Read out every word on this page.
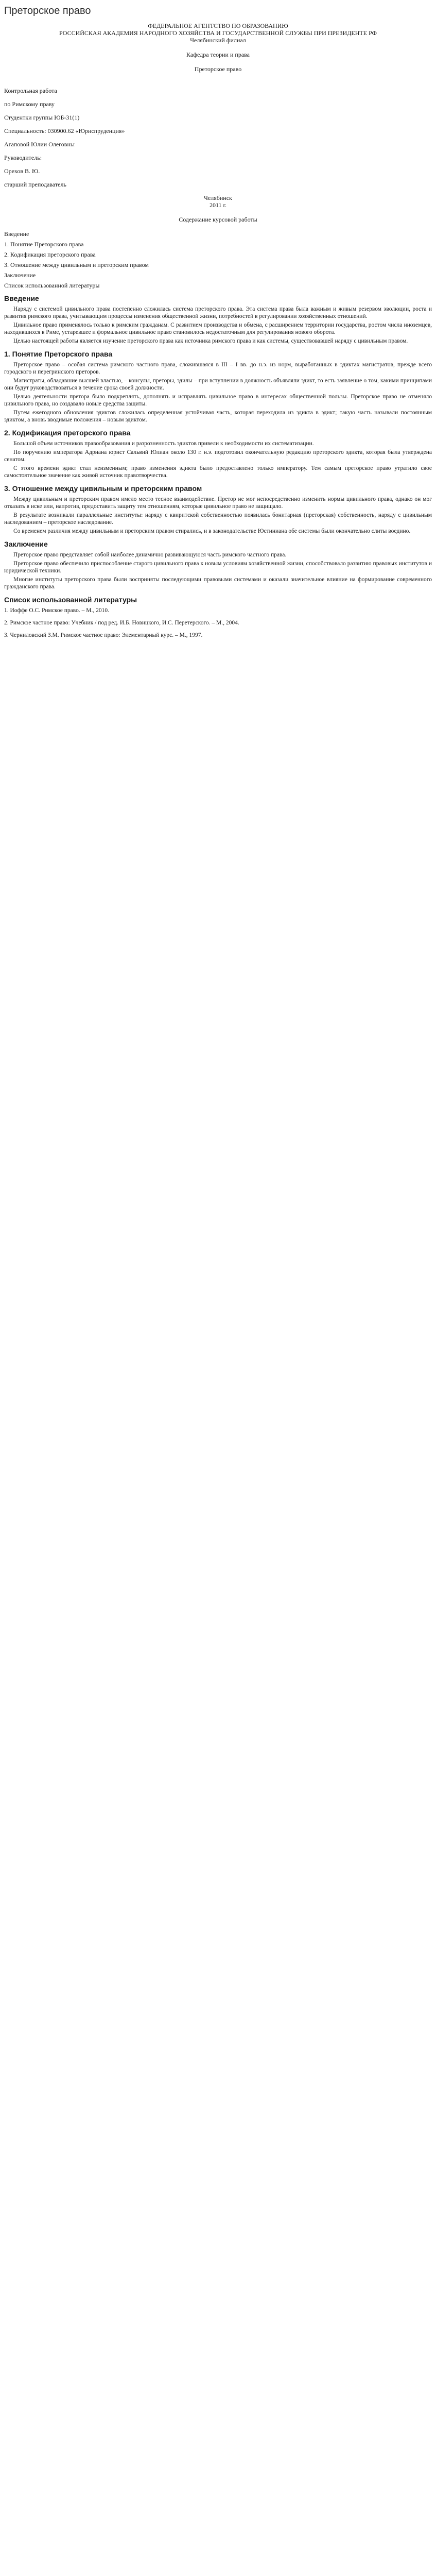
Преторское право

ФЕДЕРАЛЬНОЕ АГЕНТСТВО ПО ОБРАЗОВАНИЮ

РОССИЙСКАЯ АКАДЕМИЯ НАРОДНОГО ХОЗЯЙСТВА И ГОСУДАРСТВЕННОЙ СЛУЖБЫ ПРИ ПРЕЗИДЕНТЕ РФ

Челябинский филиал

Кафедра теории и права

Преторское право

Контрольная работа

по Римскому праву

Студентки группы ЮБ-31(1)

Специальность: 030900.62 «Юриспруденция»

Агаповой Юлии Олеговны

Руководитель:

Орехов В. Ю.

старший преподаватель

Челябинск

2011 г.

Содержание курсовой работы

Введение

1. Понятие Преторского права

2. Кодификация преторского права

3. Отношение между цивильным и преторским правом

Заключение

Список использованной литературы

Введение

Наряду с системой цивильного права постепенно сложилась система преторского права. Эта система права была важным и живым резервом эволюции, роста и развития римского права, учитывающим процессы изменения общественной жизни, потребностей в регулировании хозяйственных отношений.

Цивильное право применялось только к римским гражданам. С развитием производства и обмена, с расширением территории государства, ростом числа иноземцев, находившихся в Риме, устаревшее и формальное цивильное право становилось недостаточным для регулирования нового оборота.

Целью настоящей работы является изучение преторского права как источника римского права и как системы, существовавшей наряду с цивильным правом.

1. Понятие Преторского права

Преторское право – особая система римского частного права, сложившаяся в III – I вв. до н.э. из норм, выработанных в эдиктах магистратов, прежде всего городского и перегринского преторов.

Магистраты, обладавшие высшей властью, – консулы, преторы, эдилы – при вступлении в должность объявляли эдикт, то есть заявление о том, какими принципами они будут руководствоваться в течение срока своей должности.

Целью деятельности претора было подкреплять, дополнять и исправлять цивильное право в интересах общественной пользы. Преторское право не отменяло цивильного права, но создавало новые средства защиты.

Путем ежегодного обновления эдиктов сложилась определенная устойчивая часть, которая переходила из эдикта в эдикт; такую часть называли постоянным эдиктом, а вновь вводимые положения – новым эдиктом.

2. Кодификация преторского права

Большой объем источников правообразования и разрозненность эдиктов привели к необходимости их систематизации.

По поручению императора Адриана юрист Сальвий Юлиан около 130 г. н.э. подготовил окончательную редакцию преторского эдикта, которая была утверждена сенатом.

С этого времени эдикт стал неизменным; право изменения эдикта было предоставлено только императору. Тем самым преторское право утратило свое самостоятельное значение как живой источник правотворчества.

3. Отношение между цивильным и преторским правом

Между цивильным и преторским правом имело место тесное взаимодействие. Претор не мог непосредственно изменить нормы цивильного права, однако он мог отказать в иске или, напротив, предоставить защиту тем отношениям, которые цивильное право не защищало.

В результате возникали параллельные институты: наряду с квиритской собственностью появилась бонитарная (преторская) собственность, наряду с цивильным наследованием – преторское наследование.

Со временем различия между цивильным и преторским правом стирались, и в законодательстве Юстиниана обе системы были окончательно слиты воедино.

Заключение

Преторское право представляет собой наиболее динамично развивающуюся часть римского частного права.

Преторское право обеспечило приспособление старого цивильного права к новым условиям хозяйственной жизни, способствовало развитию правовых институтов и юридической техники.

Многие институты преторского права были восприняты последующими правовыми системами и оказали значительное влияние на формирование современного гражданского права.

Список использованной литературы

1. Иоффе О.С. Римское право. – М., 2010.

2. Римское частное право: Учебник / под ред. И.Б. Новицкого, И.С. Перетерского. – М., 2004.

3. Черниловский З.М. Римское частное право: Элементарный курс. – М., 1997.
